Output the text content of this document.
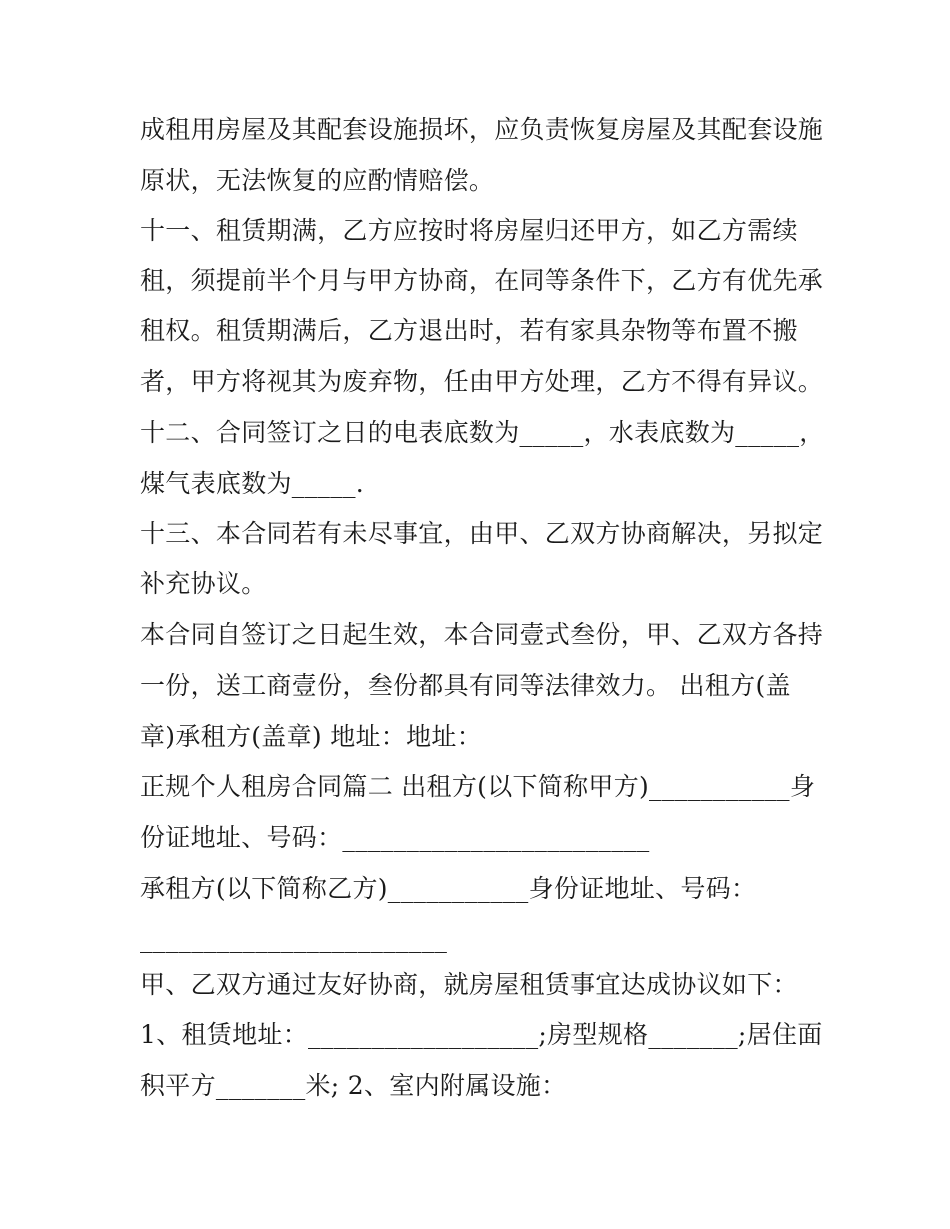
成租用房屋及其配套设施损坏，应负责恢复房屋及其配套设施
原状，无法恢复的应酌情赔偿。
十一、租赁期满，乙方应按时将房屋归还甲方，如乙方需续
租，须提前半个月与甲方协商，在同等条件下，乙方有优先承
租权。租赁期满后，乙方退出时，若有家具杂物等布置不搬
者，甲方将视其为废弃物，任由甲方处理，乙方不得有异议。
十二、合同签订之日的电表底数为_____，水表底数为_____，
煤气表底数为_____.
十三、本合同若有未尽事宜，由甲、乙双方协商解决，另拟定
补充协议。
本合同自签订之日起生效，本合同壹式叁份，甲、乙双方各持
一份，送工商壹份，叁份都具有同等法律效力。 出租方(盖
章)承租方(盖章) 地址：地址：
正规个人租房合同篇二 出租方(以下简称甲方)___________身
份证地址、号码：________________________
承租方(以下简称乙方)___________身份证地址、号码：
________________________
甲、乙双方通过友好协商，就房屋租赁事宜达成协议如下：
1、租赁地址：__________________;房型规格_______;居住面
积平方_______米; 2、室内附属设施：
